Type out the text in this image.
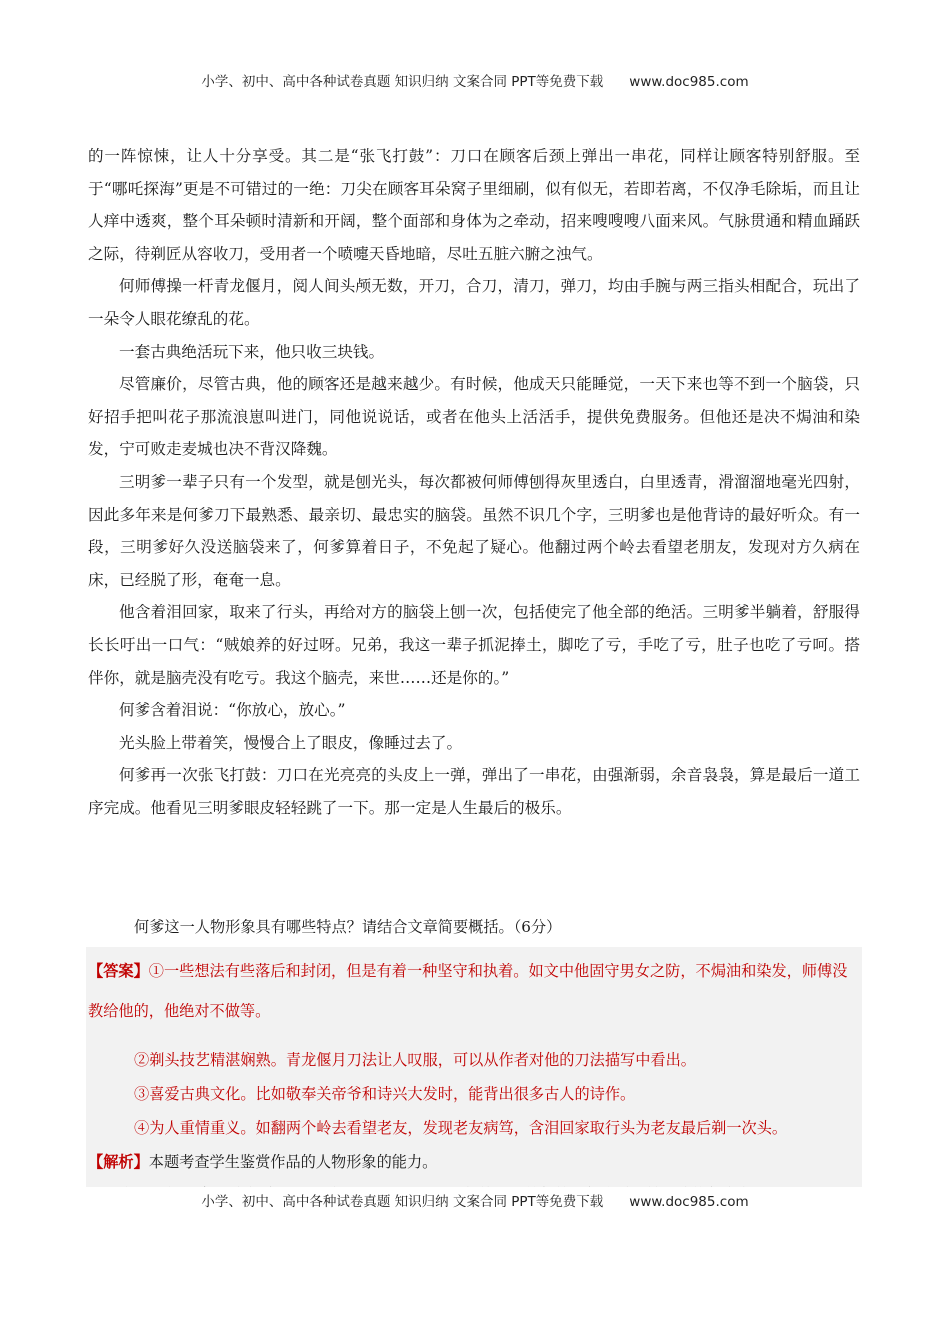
小学、初中、高中各种试卷真题 知识归纳 文案合同 PPT等免费下载 www.doc985.com

的一阵惊悚，让人十分享受。其二是“张飞打鼓”：刀口在顾客后颈上弹出一串花，同样让顾客特别舒服。至于“哪吒探海”更是不可错过的一绝：刀尖在顾客耳朵窝子里细刷，似有似无，若即若离，不仅净毛除垢，而且让人痒中透爽，整个耳朵顿时清新和开阔，整个面部和身体为之牵动，招来嗖嗖嗖八面来风。气脉贯通和精血踊跃之际，待剃匠从容收刀，受用者一个喷嚏天昏地暗，尽吐五脏六腑之浊气。

何师傅操一杆青龙偃月，阅人间头颅无数，开刀，合刀，清刀，弹刀，均由手腕与两三指头相配合，玩出了一朵令人眼花缭乱的花。

一套古典绝活玩下来，他只收三块钱。

尽管廉价，尽管古典，他的顾客还是越来越少。有时候，他成天只能睡觉，一天下来也等不到一个脑袋，只好招手把叫花子那流浪崽叫进门，同他说说话，或者在他头上活活手，提供免费服务。但他还是决不焗油和染发，宁可败走麦城也决不背汉降魏。

三明爹一辈子只有一个发型，就是刨光头，每次都被何师傅刨得灰里透白，白里透青，滑溜溜地毫光四射，因此多年来是何爹刀下最熟悉、最亲切、最忠实的脑袋。虽然不识几个字，三明爹也是他背诗的最好听众。有一段，三明爹好久没送脑袋来了，何爹算着日子，不免起了疑心。他翻过两个岭去看望老朋友，发现对方久病在床，已经脱了形，奄奄一息。

他含着泪回家，取来了行头，再给对方的脑袋上刨一次，包括使完了他全部的绝活。三明爹半躺着，舒服得长长吁出一口气：“贼娘养的好过呀。兄弟，我这一辈子抓泥捧土，脚吃了亏，手吃了亏，肚子也吃了亏呵。搭伴你，就是脑壳没有吃亏。我这个脑壳，来世……还是你的。”

何爹含着泪说：“你放心，放心。”

光头脸上带着笑，慢慢合上了眼皮，像睡过去了。

何爹再一次张飞打鼓：刀口在光亮亮的头皮上一弹，弹出了一串花，由强渐弱，余音袅袅，算是最后一道工序完成。他看见三明爹眼皮轻轻跳了一下。那一定是人生最后的极乐。

何爹这一人物形象具有哪些特点？请结合文章简要概括。（6分）

【答案】①一些想法有些落后和封闭，但是有着一种坚守和执着。如文中他固守男女之防，不焗油和染发，师傅没教给他的，他绝对不做等。

②剃头技艺精湛娴熟。青龙偃月刀法让人叹服，可以从作者对他的刀法描写中看出。

③喜爱古典文化。比如敬奉关帝爷和诗兴大发时，能背出很多古人的诗作。

④为人重情重义。如翻两个岭去看望老友，发现老友病笃，含泪回家取行头为老友最后剃一次头。

【解析】本题考查学生鉴赏作品的人物形象的能力。

小学、初中、高中各种试卷真题 知识归纳 文案合同 PPT等免费下载 www.doc985.com
